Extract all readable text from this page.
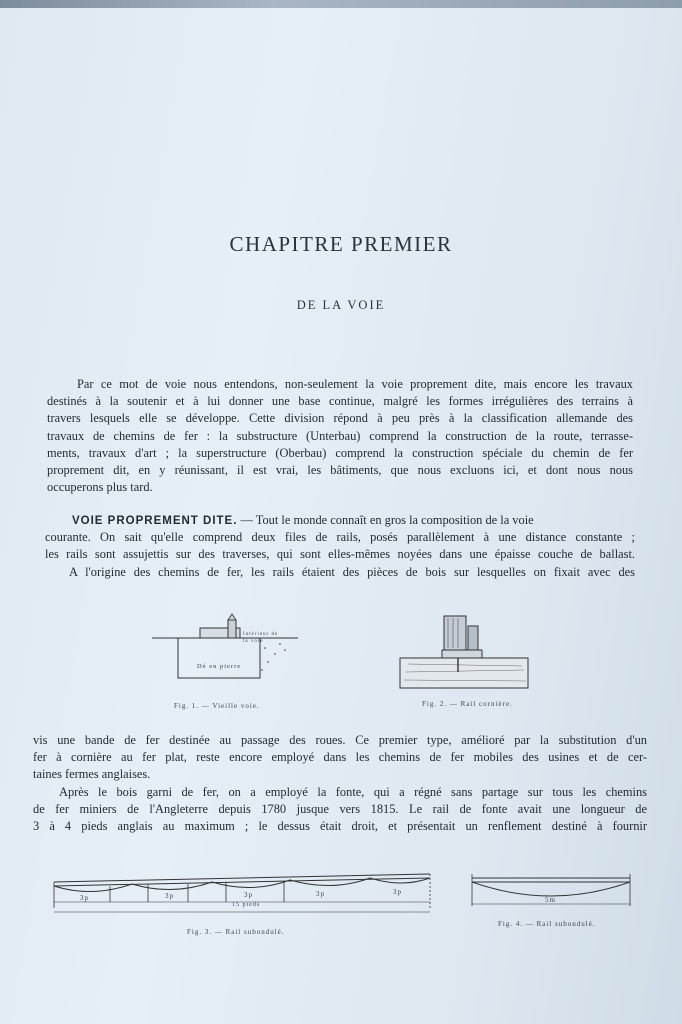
CHAPITRE PREMIER
DE LA VOIE
Par ce mot de voie nous entendons, non-seulement la voie proprement dite, mais encore les travaux
destinés à la soutenir et à lui donner une base continue, malgré les formes irrégulières des terrains à
travers lesquels elle se développe. Cette division répond à peu près à la classification allemande des
travaux de chemins de fer : la substructure (Unterbau) comprend la construction de la route, terrasse-
ments, travaux d'art ; la superstructure (Oberbau) comprend la construction spéciale du chemin de fer
proprement dit, en y réunissant, il est vrai, les bâtiments, que nous excluons ici, et dont nous nous
occuperons plus tard.
VOIE PROPREMENT DITE. — Tout le monde connaît en gros la composition de la voie
courante. On sait qu'elle comprend deux files de rails, posés parallèlement à une distance constante ;
les rails sont assujettis sur des traverses, qui sont elles-mêmes noyées dans une épaisse couche de ballast.
A l'origine des chemins de fer, les rails étaient des pièces de bois sur lesquelles on fixait avec des
Dé en pierre
Intérieur de la voie
Fig. 1. — Vieille voie.	Fig. 2. — Rail cornière.
vis une bande de fer destinée au passage des roues. Ce premier type, amélioré par la substitution d'un
fer à cornière au fer plat, reste encore employé dans les chemins de fer mobiles des usines et de cer-
taines fermes anglaises.
Après le bois garni de fer, on a employé la fonte, qui a régné sans partage sur tous les chemins
de fer miniers de l'Angleterre depuis 1780 jusque vers 1815. Le rail de fonte avait une longueur de
3 à 4 pieds anglais au maximum ; le dessus était droit, et présentait un renflement destiné à fournir
3p	3p	3p	3p	3p
15 pieds
Fig. 3. — Rail subondulé.
5m
Fig. 4. — Rail subondulé.
